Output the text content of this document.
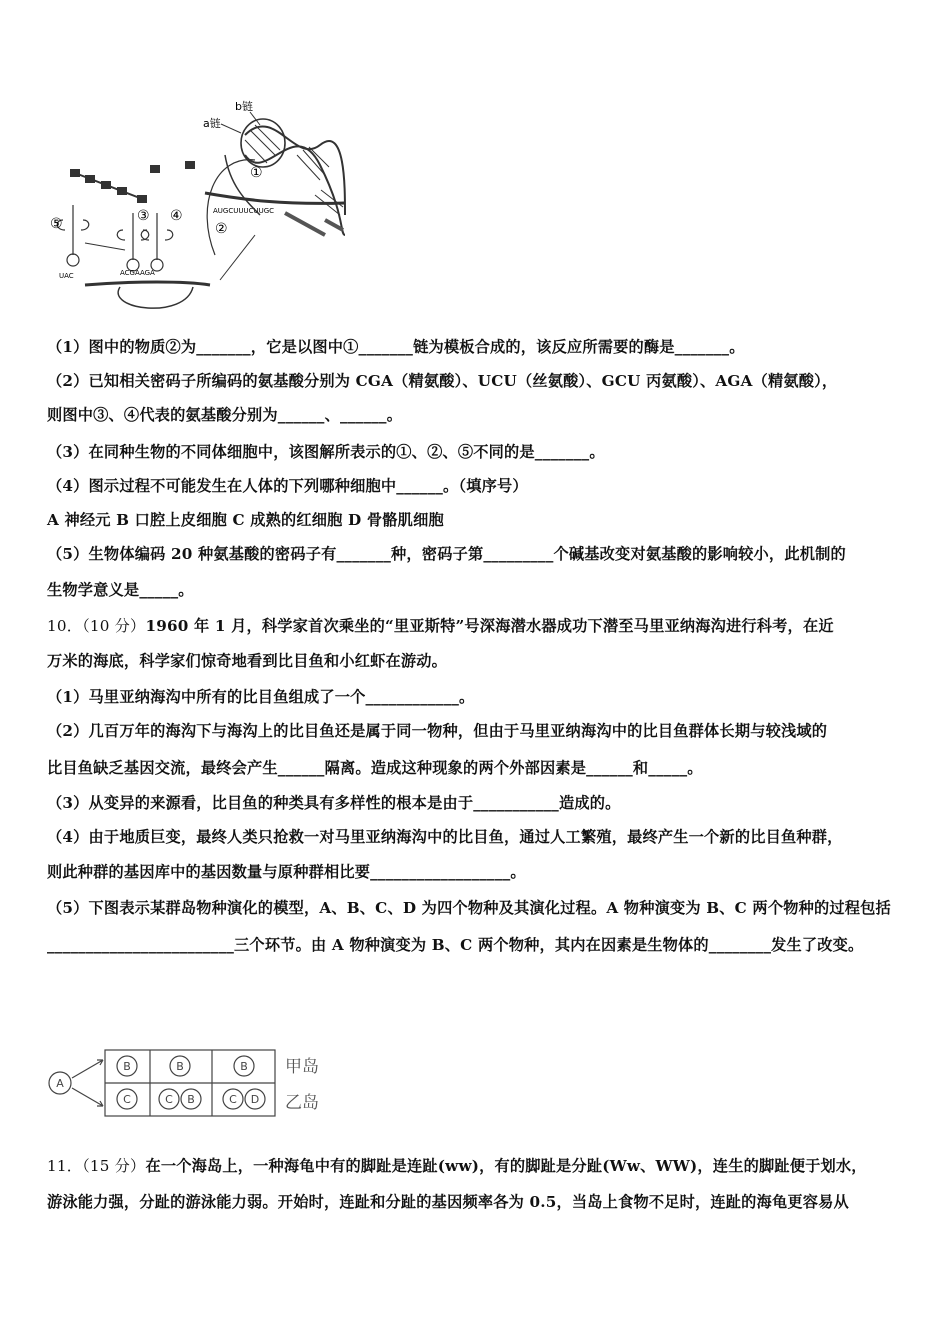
b链
a链
①
AUGCUUUCUUGC
②
③ ④
⑤
UAC	ACGAAGA
（1）图中的物质②为_______，它是以图中①_______链为模板合成的，该反应所需要的酶是_______。
（2）已知相关密码子所编码的氨基酸分别为 CGA（精氨酸）、UCU（丝氨酸）、GCU 丙氨酸）、AGA（精氨酸），
则图中③、④代表的氨基酸分别为______、______。
（3）在同种生物的不同体细胞中，该图解所表示的①、②、⑤不同的是_______。
（4）图示过程不可能发生在人体的下列哪种细胞中______。（填序号）
A 神经元 B 口腔上皮细胞 C 成熟的红细胞 D 骨骼肌细胞
（5）生物体编码 20 种氨基酸的密码子有_______种，密码子第_________个碱基改变对氨基酸的影响较小，此机制的
生物学意义是_____。
10．（10 分）1960 年 1 月，科学家首次乘坐的“里亚斯特”号深海潜水器成功下潜至马里亚纳海沟进行科考，在近
万米的海底，科学家们惊奇地看到比目鱼和小红虾在游动。
（1）马里亚纳海沟中所有的比目鱼组成了一个____________。
（2）几百万年的海沟下与海沟上的比目鱼还是属于同一物种，但由于马里亚纳海沟中的比目鱼群体长期与较浅域的
比目鱼缺乏基因交流，最终会产生______隔离。造成这种现象的两个外部因素是______和_____。
（3）从变异的来源看，比目鱼的种类具有多样性的根本是由于___________造成的。
（4）由于地质巨变，最终人类只抢救一对马里亚纳海沟中的比目鱼，通过人工繁殖，最终产生一个新的比目鱼种群，
则此种群的基因库中的基因数量与原种群相比要__________________。
（5）下图表示某群岛物种演化的模型，A、B、C、D 为四个物种及其演化过程。A 物种演变为 B、C 两个物种的过程包括
________________________三个环节。由 A 物种演变为 B、C 两个物种，其内在因素是生物体的________发生了改变。
A
B	B	B
C	C B	C D
甲岛
乙岛
11．（15 分）在一个海岛上，一种海龟中有的脚趾是连趾(ww)，有的脚趾是分趾(Ww、WW)，连生的脚趾便于划水，
游泳能力强，分趾的游泳能力弱。开始时，连趾和分趾的基因频率各为 0.5，当岛上食物不足时，连趾的海龟更容易从
